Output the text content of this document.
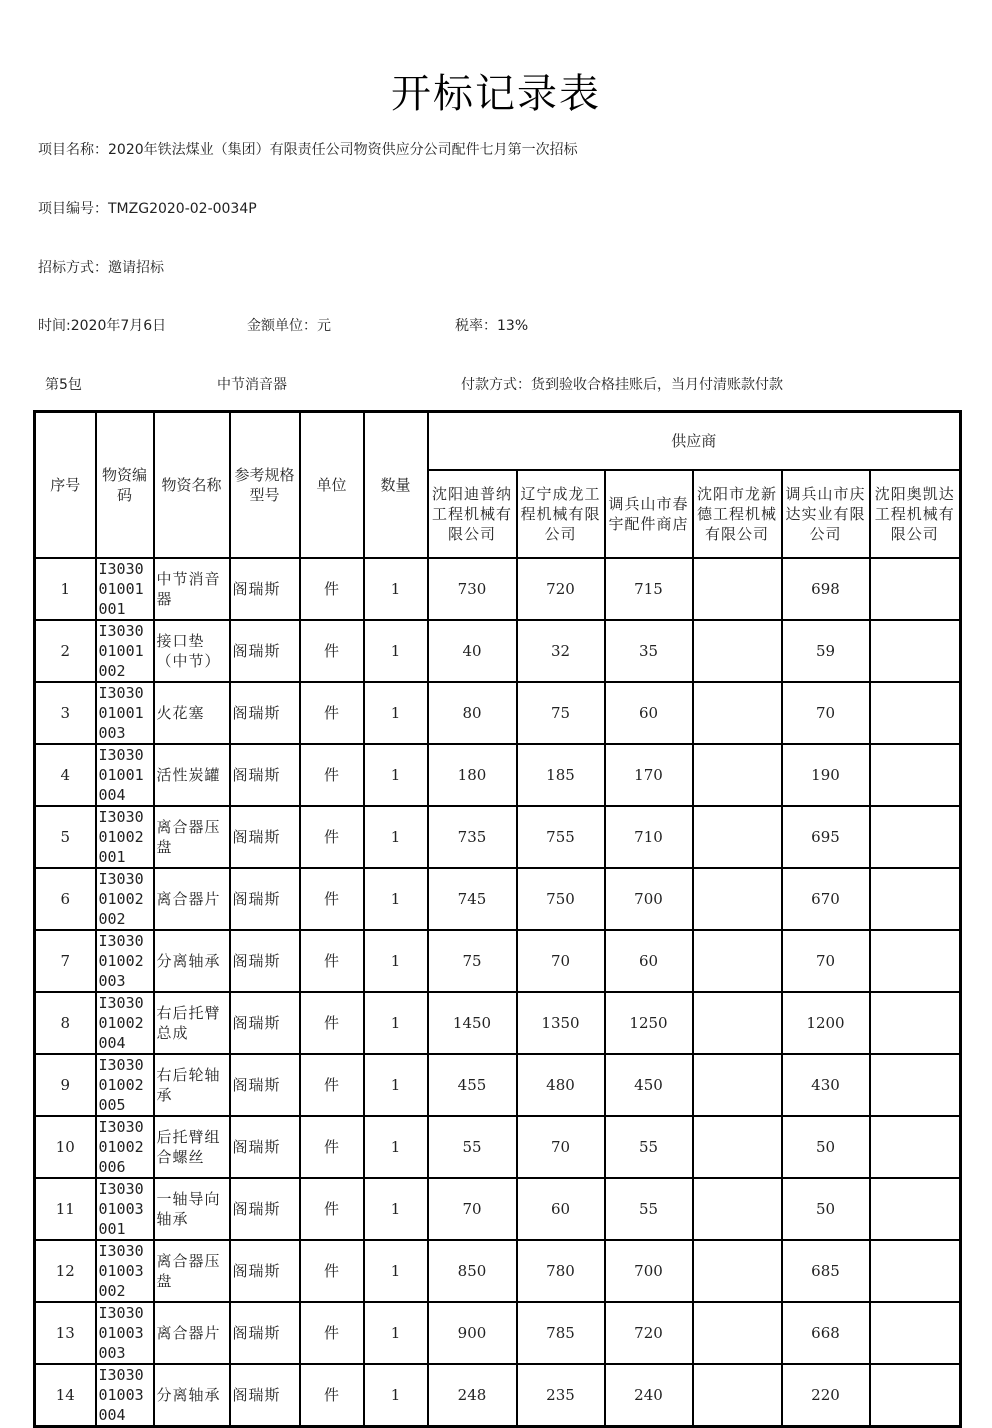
开标记录表
项目名称：2020年铁法煤业（集团）有限责任公司物资供应分公司配件七月第一次招标
项目编号：TMZG2020-02-0034P
招标方式：邀请招标
时间:2020年7月6日	金额单位：元	税率：13%
第5包	中节消音器	付款方式：货到验收合格挂账后，当月付清账款付款
序号	物资编码	物资名称	参考规格型号	单位	数量	供应商					
						沈阳迪普纳工程机械有限公司	辽宁成龙工程机械有限公司	调兵山市春宇配件商店	沈阳市龙新德工程机械有限公司	调兵山市庆达实业有限公司	沈阳奥凯达工程机械有限公司
1	I303001001001	中节消音器	阁瑞斯	件	1	730	720	715		698	
2	I303001001002	接口垫（中节）	阁瑞斯	件	1	40	32	35		59	
3	I303001001003	火花塞	阁瑞斯	件	1	80	75	60		70	
4	I303001001004	活性炭罐	阁瑞斯	件	1	180	185	170		190	
5	I303001002001	离合器压盘	阁瑞斯	件	1	735	755	710		695	
6	I303001002002	离合器片	阁瑞斯	件	1	745	750	700		670	
7	I303001002003	分离轴承	阁瑞斯	件	1	75	70	60		70	
8	I303001002004	右后托臂总成	阁瑞斯	件	1	1450	1350	1250		1200	
9	I303001002005	右后轮轴承	阁瑞斯	件	1	455	480	450		430	
10	I303001002006	后托臂组合螺丝	阁瑞斯	件	1	55	70	55		50	
11	I303001003001	一轴导向轴承	阁瑞斯	件	1	70	60	55		50	
12	I303001003002	离合器压盘	阁瑞斯	件	1	850	780	700		685	
13	I303001003003	离合器片	阁瑞斯	件	1	900	785	720		668	
14	I303001003004	分离轴承	阁瑞斯	件	1	248	235	240		220	
